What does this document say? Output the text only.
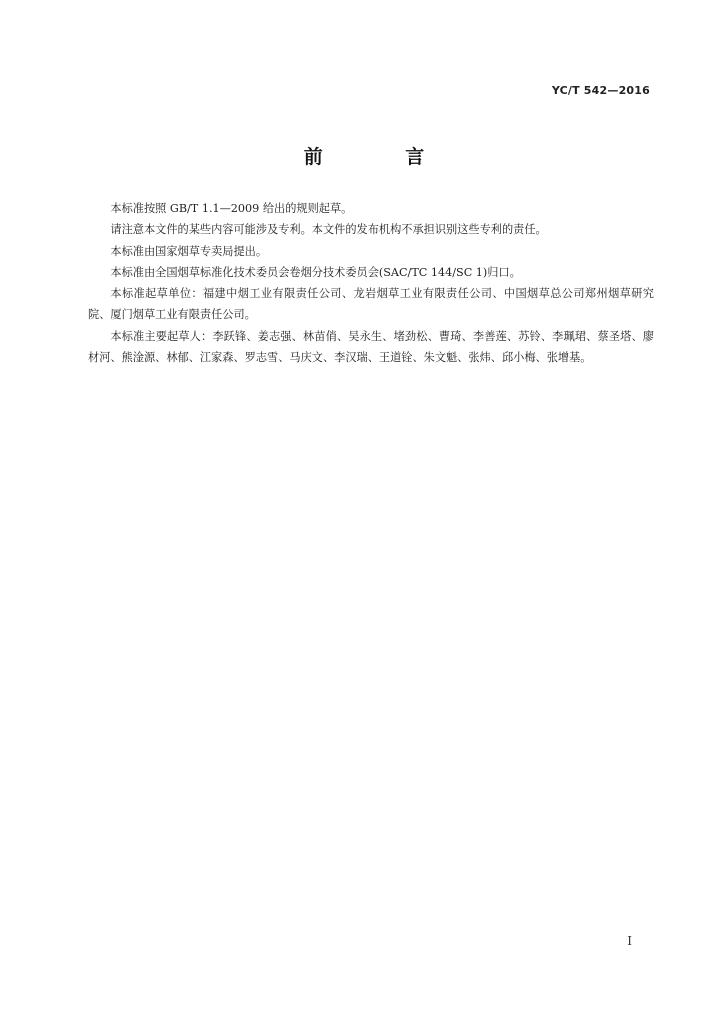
YC/T 542—2016
前 言

本标准按照 GB/T 1.1—2009 给出的规则起草。

请注意本文件的某些内容可能涉及专利。本文件的发布机构不承担识别这些专利的责任。

本标准由国家烟草专卖局提出。

本标准由全国烟草标准化技术委员会卷烟分技术委员会(SAC/TC 144/SC 1)归口。

本标准起草单位：福建中烟工业有限责任公司、龙岩烟草工业有限责任公司、中国烟草总公司郑州烟草研究院、厦门烟草工业有限责任公司。

本标准主要起草人：李跃锋、姜志强、林苗俏、吴永生、堵劲松、曹琦、李善莲、苏铃、李珮珺、蔡圣塔、廖材河、熊淦源、林郁、江家森、罗志雪、马庆文、李汉瑞、王道铨、朱文魁、张炜、邱小梅、张增基。

I
